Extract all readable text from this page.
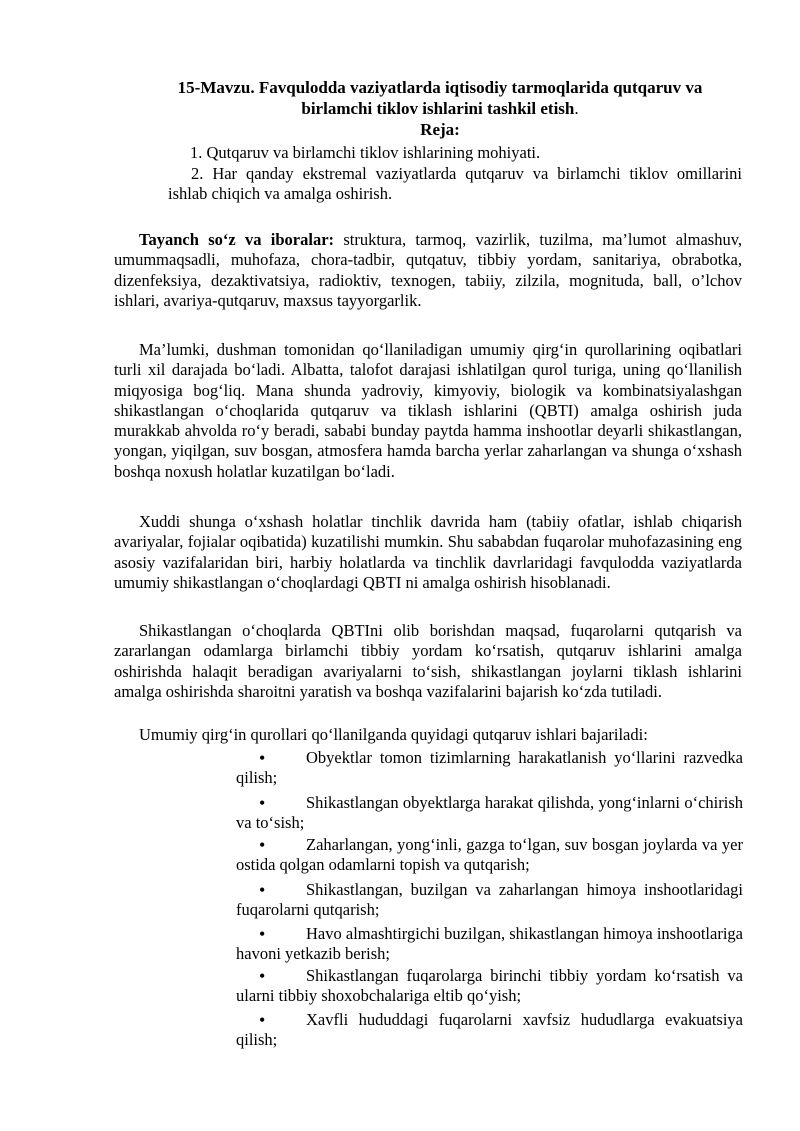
15-Mavzu. Favqulodda vaziyatlarda iqtisodiy tarmoqlarida qutqaruv va
birlamchi tiklov ishlarini tashkil etish.
Reja:
1. Qutqaruv va birlamchi tiklov ishlarining mohiyati.
2. Har qanday ekstremal vaziyatlarda qutqaruv va birlamchi tiklov omillarini ishlab chiqich va amalga oshirish.
Tayanch so‘z va iboralar: struktura, tarmoq, vazirlik, tuzilma, ma’lumot almashuv, umummaqsadli, muhofaza, chora-tadbir, qutqatuv, tibbiy yordam, sanitariya, obrabotka, dizenfeksiya, dezaktivatsiya, radioktiv, texnogen, tabiiy, zilzila, mognituda, ball, o’lchov ishlari, avariya-qutqaruv, maxsus tayyorgarlik.
Ma’lumki, dushman tomonidan qo‘llaniladigan umumiy qirg‘in qurollarining oqibatlari turli xil darajada bo‘ladi. Albatta, talofot darajasi ishlatilgan qurol turiga, uning qo‘llanilish miqyosiga bog‘liq. Mana shunda yadroviy, kimyoviy, biologik va kombinatsiyalashgan shikastlangan o‘choqlarida qutqaruv va tiklash ishlarini (QBTI) amalga oshirish juda murakkab ahvolda ro‘y beradi, sababi bunday paytda hamma inshootlar deyarli shikastlangan, yongan, yiqilgan, suv bosgan, atmosfera hamda barcha yerlar zaharlangan va shunga o‘xshash boshqa noxush holatlar kuzatilgan bo‘ladi.
Xuddi shunga o‘xshash holatlar tinchlik davrida ham (tabiiy ofatlar, ishlab chiqarish avariyalar, fojialar oqibatida) kuzatilishi mumkin. Shu sababdan fuqarolar muhofazasining eng asosiy vazifalaridan biri, harbiy holatlarda va tinchlik davrlaridagi favqulodda vaziyatlarda umumiy shikastlangan o‘choqlardagi QBTI ni amalga oshirish hisoblanadi.
Shikastlangan o‘choqlarda QBTIni olib borishdan maqsad, fuqarolarni qutqarish va zararlangan odamlarga birlamchi tibbiy yordam ko‘rsatish, qutqaruv ishlarini amalga oshirishda halaqit beradigan avariyalarni to‘sish, shikastlangan joylarni tiklash ishlarini amalga oshirishda sharoitni yaratish va boshqa vazifalarini bajarish ko‘zda tutiladi.
Umumiy qirg‘in qurollari qo‘llanilganda quyidagi qutqaruv ishlari bajariladi:
• Obyektlar tomon tizimlarning harakatlanish yo‘llarini razvedka qilish;
• Shikastlangan obyektlarga harakat qilishda, yong‘inlarni o‘chirish va to‘sish;
• Zaharlangan, yong‘inli, gazga to‘lgan, suv bosgan joylarda va yer ostida qolgan odamlarni topish va qutqarish;
• Shikastlangan, buzilgan va zaharlangan himoya inshootlaridagi fuqarolarni qutqarish;
• Havo almashtirgichi buzilgan, shikastlangan himoya inshootlariga havoni yetkazib berish;
• Shikastlangan fuqarolarga birinchi tibbiy yordam ko‘rsatish va ularni tibbiy shoxobchalariga eltib qo‘yish;
• Xavfli hududdagi fuqarolarni xavfsiz hududlarga evakuatsiya qilish;
